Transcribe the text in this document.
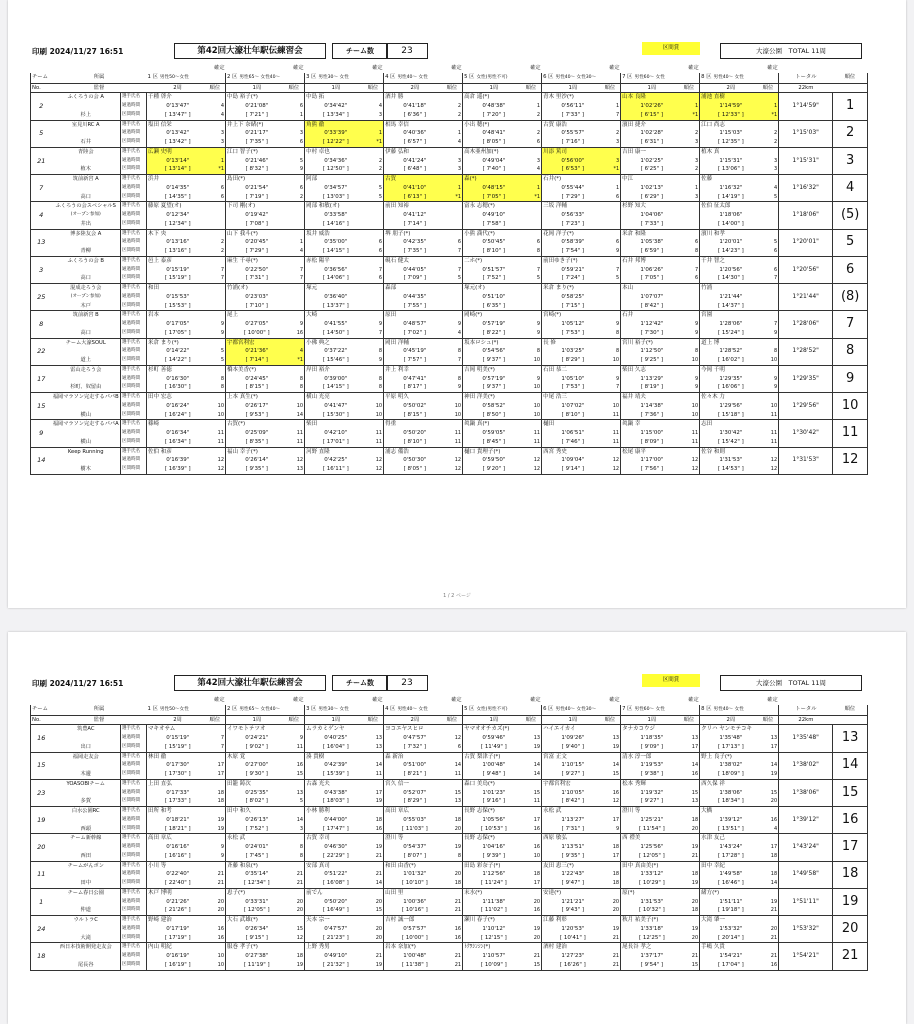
印刷 2024/11/27 16:51	第42回大濠壮年駅伝練習会	チーム数	23	区間賞	大濠公園　TOTAL 11周
			確定		確定		確定		確定		確定		確定		確定		確定			
チーム	所属		1 区 男性50～女性		2 区 男性65～ 女性40～		3 区 男性30～ 女性		4 区 男性40～ 女性		5 区 女性(男性不可)		6 区 男性40～ 女性30～		7 区 男性60～ 女性		8 区 男性40～ 女性		トータル	順位
No.	監督		2周	順位	1周	順位	1周	順位	2周	順位	1周	順位	1周	順位	1周	順位	2周	順位	22km	
2	ふくろうの会 A	選手氏名	千種 啓介		中島 裕子(*)		中島 拓		酒井 勝		高倉 遥(*)		青木 里沙(*)		山本 良隆		浦池 直樹		1°14'59"	1
		通過時間	0'13'47"	4	0'21'08"	6	0'34'42"	4	0'41'18"	2	0'48'38"	1	0'56'11"	1	1'02'26"	1	1'14'59"	1		
	杉上	区間時間	[ 13'47" ]	4	[ 7'21" ]	1	[ 13'34" ]	3	[ 6'36" ]	2	[ 7'20" ]	2	[ 7'33" ]	7	[ 6'15" ]	*1	[ 12'33" ]	*1		
5	室見川RC A	選手氏名	塩田 信栄		井上下 奈緒(*)		角熊 徹		相馬 幸信		小出 穂(*)		古賀 康浩		濱田 捷介		江口 尚志		1°15'03"	2
		通過時間	0'13'42"	3	0'21'17"	3	0'33'39"	1	0'40'36"	1	0'48'41"	2	0'55'57"	2	1'02'28"	2	1'15'03"	2		
	石井	区間時間	[ 13'42" ]	3	[ 7'35" ]	6	[ 12'22" ]	*1	[ 6'57" ]	4	[ 8'05" ]	6	[ 7'16" ]	3	[ 6'31" ]	3	[ 12'35" ]	2		
21	青陸会	選手氏名	広瀬 史明		江口 智子(*)		中村 卓也		伊藤 弘和		高木亜州加(*)		川添 篤司		吉田 康一		植木 真		1°15'31"	3
		通過時間	0'13'14"	1	0'21'46"	5	0'34'36"	2	0'41'24"	3	0'49'04"	3	0'56'00"	3	1'02'25"	3	1'15'31"	3		
	植木	区間時間	[ 13'14" ]	*1	[ 8'32" ]	9	[ 12'50" ]	2	[ 6'48" ]	3	[ 7'40" ]	4	[ 6'53" ]	*1	[ 6'25" ]	2	[ 13'06" ]	3		
7	筑前新宮 A	選手氏名	浜井		島田(*)		阿部		古賀		森(*)		石井(*)		中江		佐藤		1°16'32"	4
		通過時間	0'14'35"	6	0'21'54"	6	0'34'57"	5	0'41'10"	1	0'48'15"	1	0'55'44"	1	1'02'13"	1	1'16'32"	4		
	高口	区間時間	[ 14'35" ]	6	[ 7'19" ]	2	[ 13'03" ]	5	[ 6'13" ]	*1	[ 7'05" ]	*1	[ 7'29" ]	6	[ 6'29" ]	3	[ 14'19" ]	5		
4	ふくろうの会スペシャルS	選手氏名	藤原 夏望(オ)		下司 剛(オ)		岡部 和敏(オ)		前田 知裕		富永 志穂(*)		三坂 洋輔		杉野 知大		佐伯 征太郎		1°18'06"	(5)
	(オープン参加)	通過時間	0'12'34"		0'19'42"		0'33'58"		0'41'12"		0'49'10"		0'56'33"		1'04'06"		1'18'06"			
	井出	区間時間	[ 12'34" ]		[ 7'08" ]		[ 14'16" ]		[ 7'14" ]		[ 7'58" ]		[ 7'23" ]		[ 7'33" ]		[ 14'00" ]			
13	博多陸友会 A	選手氏名	木下 央		山下 我斗(*)		坂井 威浩		堺 朋子(*)		小熊 満代(*)		花岡 洋子(*)		米倉 和隆		濱川 和孝		1°20'01"	5
		通過時間	0'13'16"	2	0'20'45"	1	0'35'00"	6	0'42'35"	6	0'50'45"	6	0'58'39"	6	1'05'38"	6	1'20'01"	5		
	青柳	区間時間	[ 13'16" ]	2	[ 7'29" ]	4	[ 14'15" ]	6	[ 7'35" ]	7	[ 8'10" ]	8	[ 7'54" ]	9	[ 6'59" ]	8	[ 14'23" ]	6		
3	ふくろうの会 B	選手氏名	邑上 泰彦		麻生 千尋(*)		赤松 陽平		硯石 健太		二ホ(*)		前田ゆき子(*)		石井 邦博		千井 智之		1°20'56"	6
		通過時間	0'15'19"	7	0'22'50"	7	0'36'56"	7	0'44'05"	7	0'51'57"	7	0'59'21"	7	1'06'26"	7	1'20'56"	6		
	高口	区間時間	[ 15'19" ]	7	[ 7'31" ]	7	[ 14'06" ]	6	[ 7'09" ]	5	[ 7'52" ]	5	[ 7'24" ]	5	[ 7'05" ]	6	[ 14'30" ]	7		
25	混成走ろう会	選手氏名	和田		竹浦(オ)		塚元		森部		塚元(オ)		米倉 まり(*)		本山		竹浦		1°21'44"	(8)
	(オープン参加)	通過時間	0'15'53"		0'23'03"		0'36'40"		0'44'35"		0'51'10"		0'58'25"		1'07'07"		1'21'44"			
	木戸	区間時間	[ 15'53" ]		[ 7'10" ]		[ 13'37" ]		[ 7'55" ]		[ 6'35" ]		[ 7'15" ]		[ 8'42" ]		[ 14'37" ]			
8	筑前新宮 B	選手氏名	岩本		尾上		大崎		原田		岡崎(*)		宮崎(*)		石井		宮園		1°28'06"	7
		通過時間	0'17'05"	9	0'27'05"	9	0'41'55"	9	0'48'57"	9	0'57'19"	9	1'05'12"	9	1'12'42"	9	1'28'06"	7		
	高口	区間時間	[ 17'05" ]	9	[ 10'00" ]	16	[ 14'50" ]	7	[ 7'02" ]	4	[ 8'22" ]	9	[ 7'53" ]	8	[ 7'30" ]	9	[ 15'24" ]	9		
22	チーム大濠SOUL	選手氏名	米倉 まり(*)		宇都宮利宏		小佛 典之		岡田 洋輔		坂本ロシュ(*)		長 修		宮川 裕子(*)		道上 博		1°28'52"	8
		通過時間	0'14'22"	5	0'21'36"	4	0'37'22"	8	0'45'19"	8	0'54'56"	8	1'03'25"	8	1'12'50"	8	1'28'52"	8		
	道上	区間時間	[ 14'22" ]	5	[ 7'14" ]	*1	[ 15'46" ]	9	[ 7'57" ]	7	[ 9'37" ]	10	[ 8'29" ]	10	[ 9'25" ]	10	[ 16'02" ]	10		
17	雷山走ろう会	選手氏名	杉町 善徳		橋本美香(*)		岸田 裕介		井上 利幸		吉岡 明美(*)		石田 恭二		柴田 久志		今岡 千明		1°29'35"	9
		通過時間	0'16'30"	8	0'24'45"	8	0'39'00"	8	0'47'41"	8	0'57'19"	9	1'05'10"	9	1'13'29"	9	1'29'35"	9		
	杉町、奴留由	区間時間	[ 16'30" ]	8	[ 8'15" ]	8	[ 14'15" ]	8	[ 8'17" ]	9	[ 9'37" ]	10	[ 7'53" ]	7	[ 8'19" ]	9	[ 16'06" ]	9		
15	福岡マラソン完走するパパB	選手氏名	田中 宏志		上本 真生(*)		横山 光亮		平原 明久		神田 洋美(*)		中尾 浩三		福井 靖夫		佐々木 力		1°29'56"	10
		通過時間	0'16'24"	10	0'26'17"	10	0'41'47"	10	0'50'02"	10	0'58'52"	10	1'07'02"	10	1'14'38"	10	1'29'56"	10		
	横山	区間時間	[ 16'24" ]	10	[ 9'53" ]	14	[ 15'30" ]	10	[ 8'15" ]	10	[ 8'50" ]	10	[ 8'10" ]	11	[ 7'36" ]	10	[ 15'18" ]	11		
9	福岡マラソン完走するパパA	選手氏名	篠崎		古賀(*)		柴田		得重		眞鍋 真(*)		樋田		眞鍋 幸		志田		1°30'42"	11
		通過時間	0'16'34"	11	0'25'09"	11	0'42'10"	11	0'50'20"	11	0'59'05"	11	1'06'51"	11	1'15'00"	11	1'30'42"	11		
	横山	区間時間	[ 16'34" ]	11	[ 8'35" ]	11	[ 17'01" ]	11	[ 8'10" ]	11	[ 8'45" ]	11	[ 7'46" ]	11	[ 8'09" ]	11	[ 15'42" ]	11		
14	Keep Running	選手氏名	佐伯 和彦		福山 幸子(*)		河野 直隆		浦志 備浩		樋口 貴理子(*)		西宮 秀史		松尾 康平		佐谷 和則		1°31'53"	12
		通過時間	0'16'39"	12	0'26'14"	12	0'42'25"	12	0'50'30"	12	0'59'50"	12	1'09'04"	12	1'17'00"	12	1'31'53"	12		
	樹木	区間時間	[ 16'39" ]	12	[ 9'35" ]	13	[ 16'11" ]	12	[ 8'05" ]	12	[ 9'20" ]	12	[ 9'14" ]	12	[ 7'56" ]	12	[ 14'53" ]	12		
1 / 2 ページ
印刷 2024/11/27 16:51	第42回大濠壮年駅伝練習会	チーム数	23	区間賞	大濠公園　TOTAL 11周
			確定		確定		確定		確定		確定		確定		確定		確定			
チーム	所属		1 区 男性50～女性		2 区 男性65～ 女性40～		3 区 男性30～ 女性		4 区 男性40～ 女性		5 区 女性(男性不可)		6 区 男性40～ 女性30～		7 区 男性60～ 女性		8 区 男性40～ 女性		トータル	順位
No.	監督		2周	順位	1周	順位	1周	順位	2周	順位	1周	順位	1周	順位	1周	順位	2周	順位	22km	
16	筑豊AC	選手氏名	マキオサム		イワモトテツオ		ムラカミゲンヤ		ヨコエヤスヒロ		ヤマオオチカズ(*)		ハイエイカイ		タナカコウジ		クリハ ヤンモテコキ		1°35'48"	13
		通過時間	0'15'19"	7	0'24'21"	9	0'40'25"	13	0'47'57"	12	0'59'46"	13	1'09'26"	13	1'18'35"	13	1'35'48"	13		
	出口	区間時間	[ 15'19" ]	7	[ 9'02" ]	11	[ 16'04" ]	13	[ 7'32" ]	6	[ 11'49" ]	19	[ 9'40" ]	19	[ 9'09" ]	17	[ 17'13" ]	17		
15	福岡走友会	選手氏名	林田 徹		木原 覚		湊 貴樹		森 新治		古賀 梨津子(*)		宮富 正文		清水 淳一郎		野上 良子(*)		1°38'02"	14
		通過時間	0'17'30"	17	0'27'00"	16	0'42'39"	14	0'51'00"	14	1'00'48"	14	1'10'15"	14	1'19'53"	14	1'38'02"	14		
	木邊	区間時間	[ 17'30" ]	17	[ 9'30" ]	15	[ 15'39" ]	11	[ 8'21" ]	11	[ 9'48" ]	14	[ 9'27" ]	15	[ 9'38" ]	16	[ 18'09" ]	19		
23	YOASOBIチーム	選手氏名	上田 直弘		田籠 鋳次		古森 光夫		宮久 信一		森口 美鳥(*)		宇都宮利宏		松本 秀輝		西久保 祥		1°38'06"	15
		通過時間	0'17'33"	18	0'25'35"	13	0'43'38"	17	0'52'07"	15	1'01'23"	15	1'10'05"	16	1'19'32"	15	1'38'06"	15		
	多賀	区間時間	[ 17'33" ]	18	[ 8'02" ]	5	[ 18'03" ]	19	[ 8'29" ]	13	[ 9'16" ]	11	[ 8'42" ]	12	[ 9'27" ]	13	[ 18'34" ]	20		
19	白水公園RC	選手氏名	田所 和考		田中 和久		小林 勝利		高田 章広		長野 志保(*)		永松 武		澄川 等		大橋		1°39'12"	16
		通過時間	0'18'21"	19	0'26'13"	14	0'44'00"	18	0'55'03"	18	1'05'56"	17	1'13'27"	17	1'25'21"	18	1'39'12"	16		
	西頭	区間時間	[ 18'21" ]	19	[ 7'52" ]	3	[ 17'47" ]	16	[ 11'03" ]	20	[ 10'53" ]	16	[ 7'31" ]	9	[ 11'54" ]	20	[ 13'51" ]	4		
20	チーム新幹線	選手氏名	高田 章広		永松 武		古賀 幸司		澄川 等		長野 志保(*)		西原 敏弘		西 禮美		水津 友己		1°43'24"	17
		通過時間	0'16'16"	9	0'24'01"	8	0'46'30"	19	0'54'37"	19	1'04'16"	16	1'13'51"	18	1'25'56"	19	1'43'24"	17		
	西田	区間時間	[ 16'16" ]	9	[ 7'45" ]	8	[ 22'29" ]	21	[ 8'07" ]	8	[ 9'39" ]	10	[ 9'35" ]	17	[ 12'05" ]	21	[ 17'28" ]	18		
11	チームがんボン	選手氏名	小川 等		斉藤 和泉(*)		安部 真司		和田 由香(*)		田島 彩奈子(*)		友田 恵三(*)		田中 真由美(*)		田中 幸紀		1°49'58"	18
		通過時間	0'22'40"	21	0'35'14"	21	0'51'22"	21	1'01'32"	20	1'12'56"	18	1'22'43"	18	1'33'12"	18	1'49'58"	18		
	田中	区間時間	[ 22'40" ]	21	[ 12'34" ]	21	[ 16'08" ]	14	[ 10'10" ]	18	[ 11'24" ]	17	[ 9'47" ]	18	[ 10'29" ]	19	[ 16'46" ]	14		
1	チーム春日公園	選手氏名	木戸 博明		恵子(*)		前でん		山田 里		末水(*)		安達(*)		原(*)		緒方(*)		1°51'11"	19
		通過時間	0'21'26"	20	0'33'31"	20	0'50'20"	20	1'00'36"	21	1'11'38"	20	1'21'21"	20	1'31'53"	20	1'51'11"	19		
	仲道	区間時間	[ 21'26" ]	20	[ 12'05" ]	20	[ 16'49" ]	15	[ 10'16" ]	21	[ 11'02" ]	16	[ 9'43" ]	20	[ 10'32" ]	18	[ 19'18" ]	21		
24	ウルトラC	選手氏名	野崎 建治		大石 武雄(*)		天本 宗一		吉村 誠一郎		瀬川 春子(*)		江藤 利彰		秋月 祐美子(*)		大滝 肇一		1°53'32"	20
		通過時間	0'17'19"	16	0'26'34"	15	0'47'57"	20	0'57'57"	16	1'10'12"	19	1'20'53"	19	1'33'18"	19	1'53'32"	20		
	大滝	区間時間	[ 17'19" ]	16	[ 9'15" ]	12	[ 21'23" ]	20	[ 10'00" ]	16	[ 12'15" ]	20	[ 10'41" ]	21	[ 12'25" ]	20	[ 20'14" ]	21		
18	西日本技術開発走友会	選手氏名	内山 明紀		服巻 孝子(*)		上野 秀男		岩本 奈加(*)		ﾄｸﾜｼﾝｼﾝ(*)		酒村 建治		尾長谷 孝之		手嶋 久貴		1°54'21"	21
		通過時間	0'16'19"	10	0'27'38"	18	0'49'10"	21	1'00'48"	21	1'10'57"	21	1'27'23"	21	1'37'17"	21	1'54'21"	21		
	尾長谷	区間時間	[ 16'19" ]	10	[ 11'19" ]	19	[ 21'32" ]	19	[ 11'38" ]	21	[ 10'09" ]	15	[ 16'26" ]	21	[ 9'54" ]	15	[ 17'04" ]	16		
